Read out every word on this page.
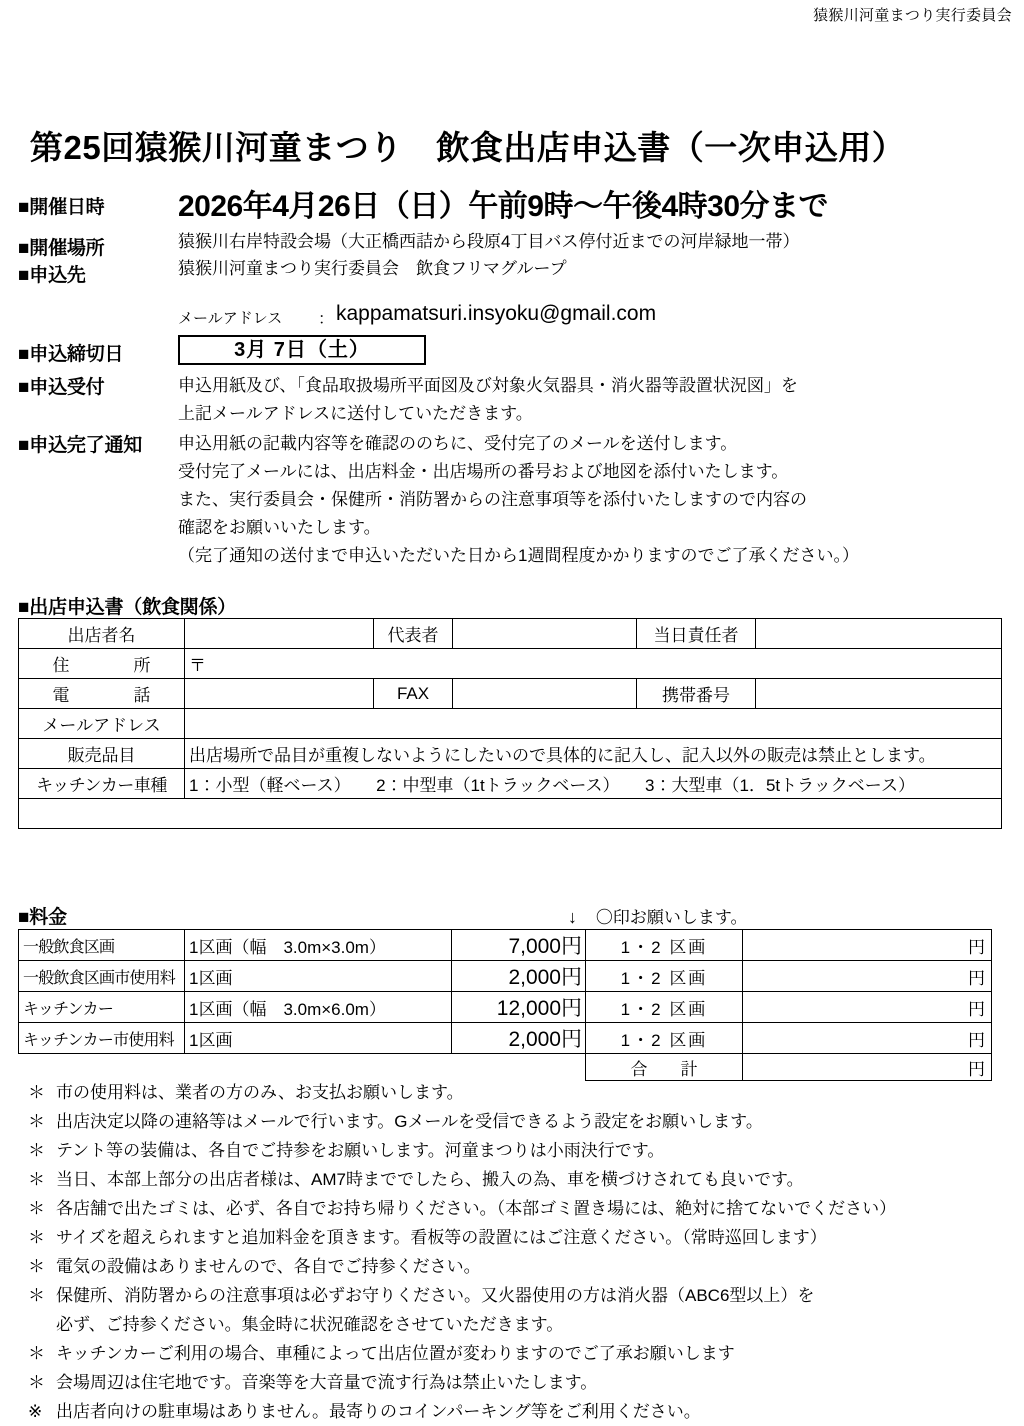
猿猴川河童まつり実行委員会
第25回猿猴川河童まつり　飲食出店申込書（一次申込用）
■開催日時 2026年4月26日（日）午前9時〜午後4時30分まで
■開催場所	猿猴川右岸特設会場（大正橋西詰から段原4丁目バス停付近までの河岸緑地一帯）
■申込先	猿猴川河童まつり実行委員会　飲食フリマグループ
メールアドレス ： kappamatsuri.insyoku@gmail.com
■申込締切日	3月 7日（土）
■申込受付	申込用紙及び、「食品取扱場所平面図及び対象火気器具・消火器等設置状況図」を
上記メールアドレスに送付していただきます。
■申込完了通知 申込用紙の記載内容等を確認ののちに、受付完了のメールを送付します。
受付完了メールには、出店料金・出店場所の番号および地図を添付いたします。
また、実行委員会・保健所・消防署からの注意事項等を添付いたしますので内容の
確認をお願いいたします。
（完了通知の送付まで申込いただいた日から1週間程度かかりますのでご了承ください。）
■出店申込書（飲食関係）
出店者名		代表者		当日責任者	
住　　所	〒				
電　　話		FAX		携帯番号	
メールアドレス					
販売品目	出店場所で品目が重複しないようにしたいので具体的に記入し、記入以外の販売は禁止とします。				
キッチンカー車種	1：小型（軽ベース）　　2：中型車（1tトラックベース）　　3：大型車（1．5tトラックベース）				

■料金	↓ 〇印お願いします。
一般飲食区画	1区画（幅　3.0m×3.0m）	7,000円	1・2 区画	円
一般飲食区画市使用料	1区画	2,000円	1・2 区画	円
キッチンカー	1区画（幅　3.0m×6.0m）	12,000円	1・2 区画	円
キッチンカー市使用料	1区画	2,000円	1・2 区画	円
			合　計	円
＊ 市の使用料は、業者の方のみ、お支払お願いします。
＊ 出店決定以降の連絡等はメールで行います。Gメールを受信できるよう設定をお願いします。
＊ テント等の装備は、各自でご持参をお願いします。河童まつりは小雨決行です。
＊ 当日、本部上部分の出店者様は、AM7時まででしたら、搬入の為、車を横づけされても良いです。
＊ 各店舗で出たゴミは、必ず、各自でお持ち帰りください。（本部ゴミ置き場には、絶対に捨てないでください）
＊ サイズを超えられますと追加料金を頂きます。看板等の設置にはご注意ください。（常時巡回します）
＊ 電気の設備はありませんので、各自でご持参ください。
＊ 保健所、消防署からの注意事項は必ずお守りください。又火器使用の方は消火器（ABC6型以上）を
必ず、ご持参ください。集金時に状況確認をさせていただきます。
＊ キッチンカーご利用の場合、車種によって出店位置が変わりますのでご了承お願いします
＊ 会場周辺は住宅地です。音楽等を大音量で流す行為は禁止いたします。
※ 出店者向けの駐車場はありません。最寄りのコインパーキング等をご利用ください。
